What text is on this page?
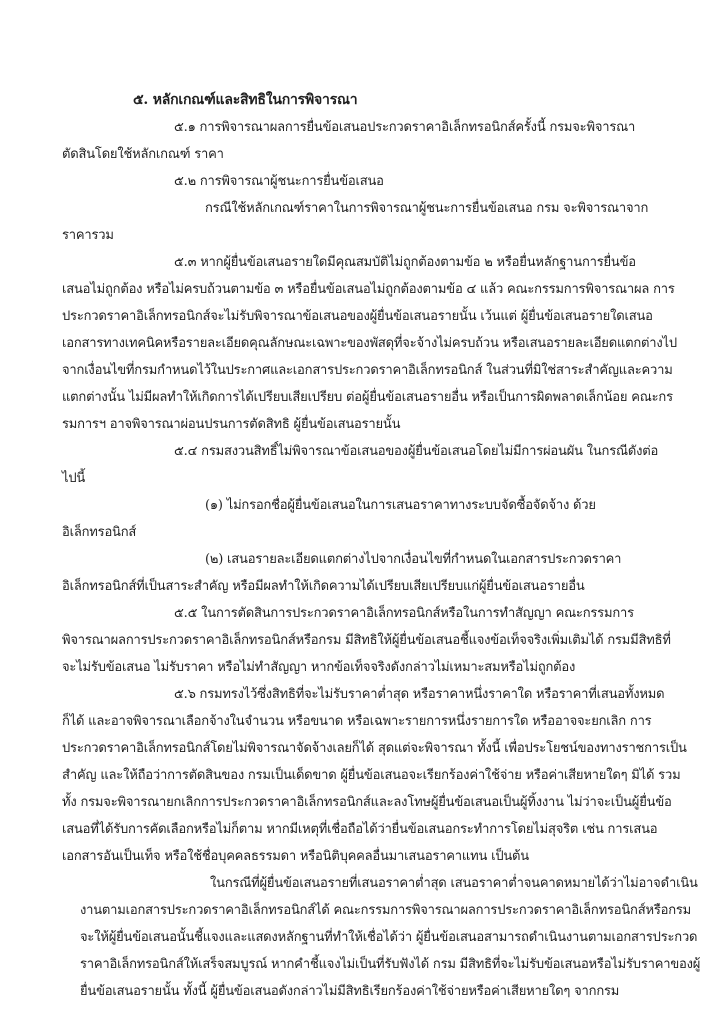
๕. หลักเกณฑ์และสิทธิในการพิจารณา
๕.๑ การพิจารณาผลการยื่นข้อเสนอประกวดราคาอิเล็กทรอนิกส์ครั้งนี้ กรมจะพิจารณา
ตัดสินโดยใช้หลักเกณฑ์ ราคา
๕.๒ การพิจารณาผู้ชนะการยื่นข้อเสนอ
กรณีใช้หลักเกณฑ์ราคาในการพิจารณาผู้ชนะการยื่นข้อเสนอ กรม จะพิจารณาจาก
ราคารวม
๕.๓ หากผู้ยื่นข้อเสนอรายใดมีคุณสมบัติไม่ถูกต้องตามข้อ ๒ หรือยื่นหลักฐานการยื่นข้อ
เสนอไม่ถูกต้อง หรือไม่ครบถ้วนตามข้อ ๓ หรือยื่นข้อเสนอไม่ถูกต้องตามข้อ ๔ แล้ว คณะกรรมการพิจารณาผล การ
ประกวดราคาอิเล็กทรอนิกส์จะไม่รับพิจารณาข้อเสนอของผู้ยื่นข้อเสนอรายนั้น เว้นแต่ ผู้ยื่นข้อเสนอรายใดเสนอ
เอกสารทางเทคนิคหรือรายละเอียดคุณลักษณะเฉพาะของพัสดุที่จะจ้างไม่ครบถ้วน หรือเสนอรายละเอียดแตกต่างไป
จากเงื่อนไขที่กรมกำหนดไว้ในประกาศและเอกสารประกวดราคาอิเล็กทรอนิกส์ ในส่วนที่มิใช่สาระสำคัญและความ
แตกต่างนั้น ไม่มีผลทำให้เกิดการได้เปรียบเสียเปรียบ ต่อผู้ยื่นข้อเสนอรายอื่น หรือเป็นการผิดพลาดเล็กน้อย คณะกร
รมการฯ อาจพิจารณาผ่อนปรนการตัดสิทธิ ผู้ยื่นข้อเสนอรายนั้น
๕.๔ กรมสงวนสิทธิ์ไม่พิจารณาข้อเสนอของผู้ยื่นข้อเสนอโดยไม่มีการผ่อนผัน ในกรณีดังต่อ
ไปนี้
(๑) ไม่กรอกชื่อผู้ยื่นข้อเสนอในการเสนอราคาทางระบบจัดซื้อจัดจ้าง ด้วย
อิเล็กทรอนิกส์
(๒) เสนอรายละเอียดแตกต่างไปจากเงื่อนไขที่กำหนดในเอกสารประกวดราคา
อิเล็กทรอนิกส์ที่เป็นสาระสำคัญ หรือมีผลทำให้เกิดความได้เปรียบเสียเปรียบแก่ผู้ยื่นข้อเสนอรายอื่น
๕.๕ ในการตัดสินการประกวดราคาอิเล็กทรอนิกส์หรือในการทำสัญญา คณะกรรมการ
พิจารณาผลการประกวดราคาอิเล็กทรอนิกส์หรือกรม มีสิทธิให้ผู้ยื่นข้อเสนอชี้แจงข้อเท็จจริงเพิ่มเติมได้ กรมมีสิทธิที่
จะไม่รับข้อเสนอ ไม่รับราคา หรือไม่ทำสัญญา หากข้อเท็จจริงดังกล่าวไม่เหมาะสมหรือไม่ถูกต้อง
๕.๖ กรมทรงไว้ซึ่งสิทธิที่จะไม่รับราคาต่ำสุด หรือราคาหนึ่งราคาใด หรือราคาที่เสนอทั้งหมด
ก็ได้ และอาจพิจารณาเลือกจ้างในจำนวน หรือขนาด หรือเฉพาะรายการหนึ่งรายการใด หรืออาจจะยกเลิก การ
ประกวดราคาอิเล็กทรอนิกส์โดยไม่พิจารณาจัดจ้างเลยก็ได้ สุดแต่จะพิจารณา ทั้งนี้ เพื่อประโยชน์ของทางราชการเป็น
สำคัญ และให้ถือว่าการตัดสินของ กรมเป็นเด็ดขาด ผู้ยื่นข้อเสนอจะเรียกร้องค่าใช้จ่าย หรือค่าเสียหายใดๆ มิได้ รวม
ทั้ง กรมจะพิจารณายกเลิกการประกวดราคาอิเล็กทรอนิกส์และลงโทษผู้ยื่นข้อเสนอเป็นผู้ทิ้งงาน ไม่ว่าจะเป็นผู้ยื่นข้อ
เสนอที่ได้รับการคัดเลือกหรือไม่ก็ตาม หากมีเหตุที่เชื่อถือได้ว่ายื่นข้อเสนอกระทำการโดยไม่สุจริต เช่น การเสนอ
เอกสารอันเป็นเท็จ หรือใช้ชื่อบุคคลธรรมดา หรือนิติบุคคลอื่นมาเสนอราคาแทน เป็นต้น
ในกรณีที่ผู้ยื่นข้อเสนอรายที่เสนอราคาต่ำสุด เสนอราคาต่ำจนคาดหมายได้ว่าไม่อาจดำเนิน
งานตามเอกสารประกวดราคาอิเล็กทรอนิกส์ได้ คณะกรรมการพิจารณาผลการประกวดราคาอิเล็กทรอนิกส์หรือกรม
จะให้ผู้ยื่นข้อเสนอนั้นชี้แจงและแสดงหลักฐานที่ทำให้เชื่อได้ว่า ผู้ยื่นข้อเสนอสามารถดำเนินงานตามเอกสารประกวด
ราคาอิเล็กทรอนิกส์ให้เสร็จสมบูรณ์ หากคำชี้แจงไม่เป็นที่รับฟังได้ กรม มีสิทธิที่จะไม่รับข้อเสนอหรือไม่รับราคาของผู้
ยื่นข้อเสนอรายนั้น ทั้งนี้ ผู้ยื่นข้อเสนอดังกล่าวไม่มีสิทธิเรียกร้องค่าใช้จ่ายหรือค่าเสียหายใดๆ จากกรม
